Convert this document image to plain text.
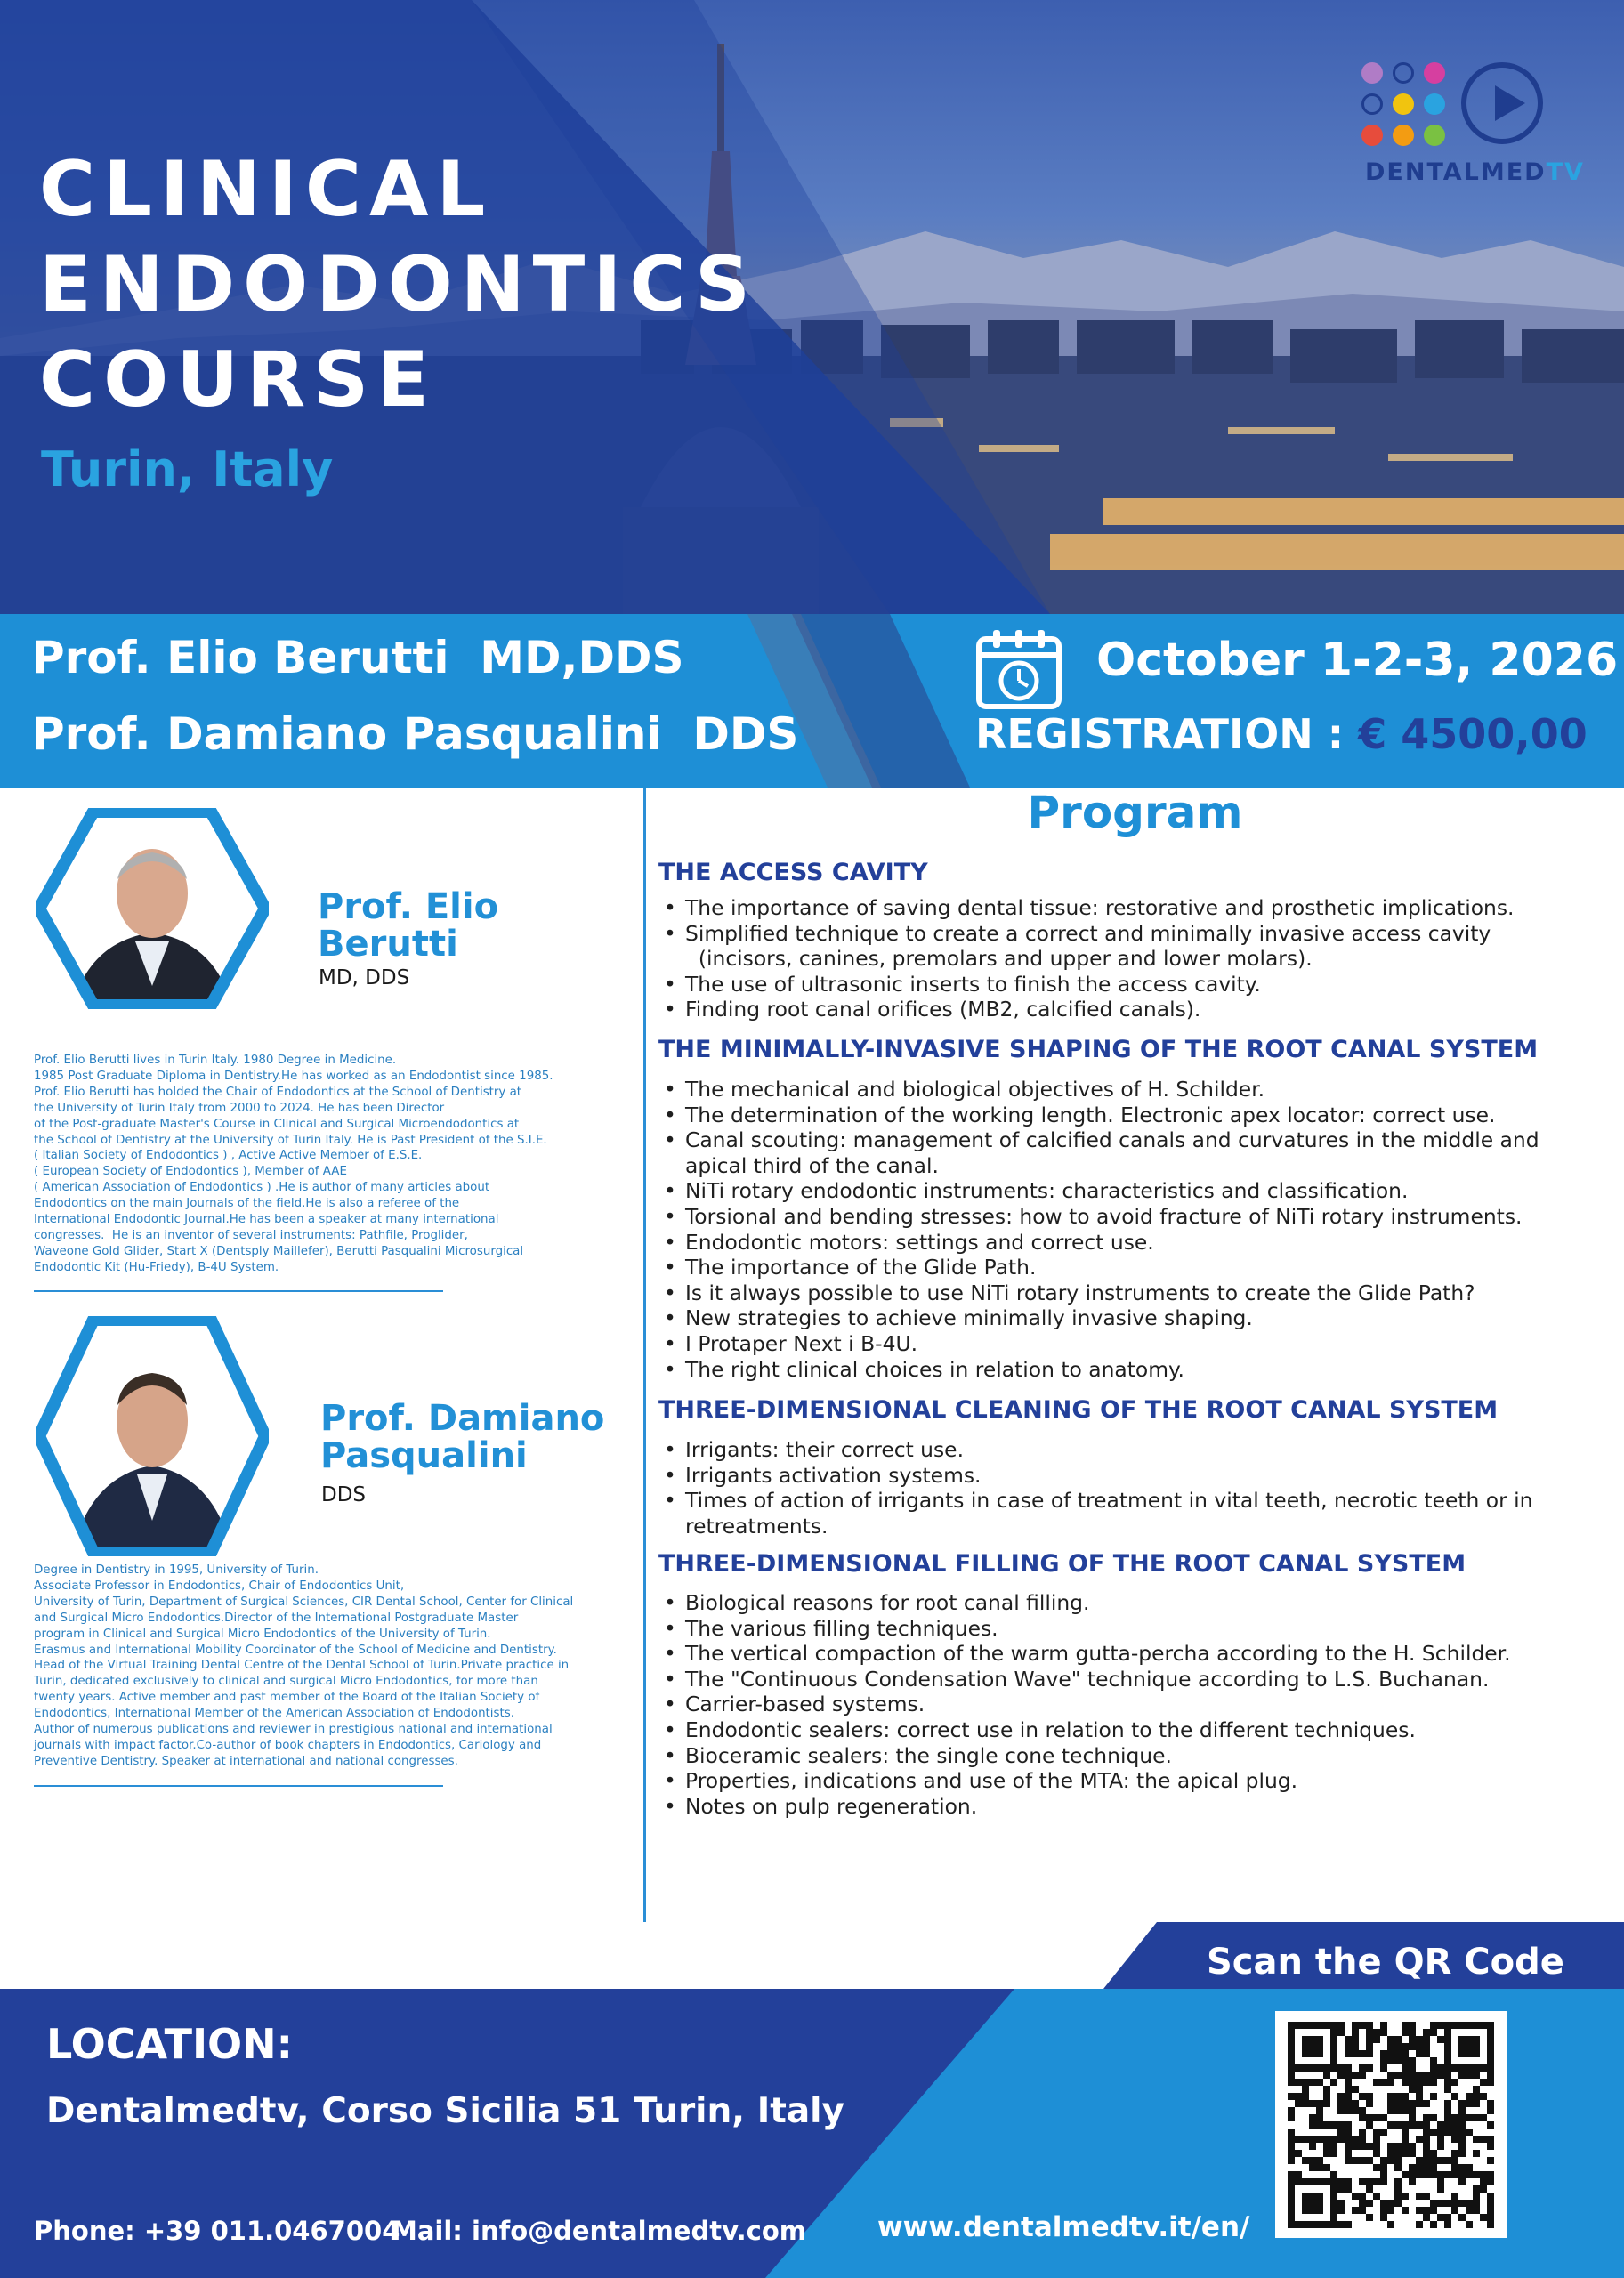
CLINICAL
ENDODONTICS
COURSE
Turin, Italy
DENTALMEDTV
Prof. Elio Berutti  MD,DDS
Prof. Damiano Pasqualini  DDS
October 1-2-3, 2026
REGISTRATION : € 4500,00
Prof. Elio
Berutti
MD, DDS
Prof. Elio Berutti lives in Turin Italy. 1980 Degree in Medicine.
1985 Post Graduate Diploma in Dentistry.He has worked as an Endodontist since 1985.
Prof. Elio Berutti has holded the Chair of Endodontics at the School of Dentistry at
the University of Turin Italy from 2000 to 2024. He has been Director
of the Post-graduate Master's Course in Clinical and Surgical Microendodontics at
the School of Dentistry at the University of Turin Italy. He is Past President of the S.I.E.
( Italian Society of Endodontics ) , Active Active Member of E.S.E.
( European Society of Endodontics ), Member of AAE
( American Association of Endodontics ) .He is author of many articles about
Endodontics on the main Journals of the field.He is also a referee of the
International Endodontic Journal.He has been a speaker at many international
congresses.  He is an inventor of several instruments: Pathfile, Proglider,
Waveone Gold Glider, Start X (Dentsply Maillefer), Berutti Pasqualini Microsurgical
Endodontic Kit (Hu-Friedy), B-4U System.
Prof. Damiano
Pasqualini
DDS
Degree in Dentistry in 1995, University of Turin.
Associate Professor in Endodontics, Chair of Endodontics Unit,
University of Turin, Department of Surgical Sciences, CIR Dental School, Center for Clinical
and Surgical Micro Endodontics.Director of the International Postgraduate Master
program in Clinical and Surgical Micro Endodontics of the University of Turin.
Erasmus and International Mobility Coordinator of the School of Medicine and Dentistry.
Head of the Virtual Training Dental Centre of the Dental School of Turin.Private practice in
Turin, dedicated exclusively to clinical and surgical Micro Endodontics, for more than
twenty years. Active member and past member of the Board of the Italian Society of
Endodontics, International Member of the American Association of Endodontists.
Author of numerous publications and reviewer in prestigious national and international
journals with impact factor.Co-author of book chapters in Endodontics, Cariology and
Preventive Dentistry. Speaker at international and national congresses.
Program
THE ACCESS CAVITY
• The importance of saving dental tissue: restorative and prosthetic implications.
• Simplified technique to create a correct and minimally invasive access cavity
(incisors, canines, premolars and upper and lower molars).
• The use of ultrasonic inserts to finish the access cavity.
• Finding root canal orifices (MB2, calcified canals).
THE MINIMALLY-INVASIVE SHAPING OF THE ROOT CANAL SYSTEM
• The mechanical and biological objectives of H. Schilder.
• The determination of the working length. Electronic apex locator: correct use.
• Canal scouting: management of calcified canals and curvatures in the middle and
apical third of the canal.
• NiTi rotary endodontic instruments: characteristics and classification.
• Torsional and bending stresses: how to avoid fracture of NiTi rotary instruments.
• Endodontic motors: settings and correct use.
• The importance of the Glide Path.
• Is it always possible to use NiTi rotary instruments to create the Glide Path?
• New strategies to achieve minimally invasive shaping.
• I Protaper Next i B-4U.
• The right clinical choices in relation to anatomy.
THREE-DIMENSIONAL CLEANING OF THE ROOT CANAL SYSTEM
• Irrigants: their correct use.
• Irrigants activation systems.
• Times of action of irrigants in case of treatment in vital teeth, necrotic teeth or in
retreatments.
THREE-DIMENSIONAL FILLING OF THE ROOT CANAL SYSTEM
• Biological reasons for root canal filling.
• The various filling techniques.
• The vertical compaction of the warm gutta-percha according to the H. Schilder.
• The "Continuous Condensation Wave" technique according to L.S. Buchanan.
• Carrier-based systems.
• Endodontic sealers: correct use in relation to the different techniques.
• Bioceramic sealers: the single cone technique.
• Properties, indications and use of the MTA: the apical plug.
• Notes on pulp regeneration.
Scan the QR Code
LOCATION:
Dentalmedtv, Corso Sicilia 51 Turin, Italy
Phone: +39 011.0467004
Mail: info@dentalmedtv.com	www.dentalmedtv.it/en/
